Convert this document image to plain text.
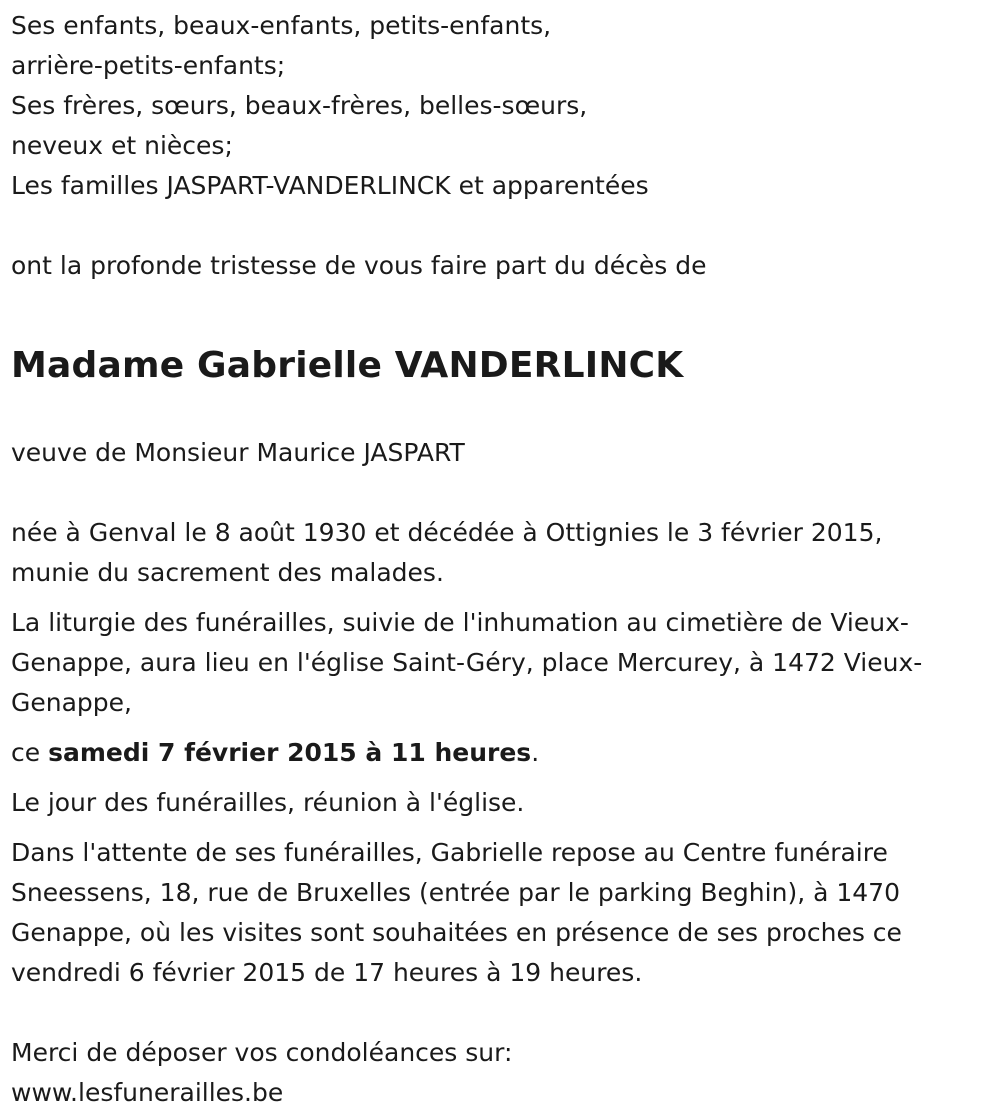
Ses enfants, beaux-enfants, petits-enfants,
arrière-petits-enfants;
Ses frères, sœurs, beaux-frères, belles-sœurs,
neveux et nièces;
Les familles JASPART-VANDERLINCK et apparentées
ont la profonde tristesse de vous faire part du décès de
Madame Gabrielle VANDERLINCK
veuve de Monsieur Maurice JASPART
née à Genval le 8 août 1930 et décédée à Ottignies le 3 février 2015,
munie du sacrement des malades.
La liturgie des funérailles, suivie de l'inhumation au cimetière de Vieux-
Genappe, aura lieu en l'église Saint-Géry, place Mercurey, à 1472 Vieux-
Genappe,
ce samedi 7 février 2015 à 11 heures.
Le jour des funérailles, réunion à l'église.
Dans l'attente de ses funérailles, Gabrielle repose au Centre funéraire
Sneessens, 18, rue de Bruxelles (entrée par le parking Beghin), à 1470
Genappe, où les visites sont souhaitées en présence de ses proches ce
vendredi 6 février 2015 de 17 heures à 19 heures.
Merci de déposer vos condoléances sur:
www.lesfunerailles.be
